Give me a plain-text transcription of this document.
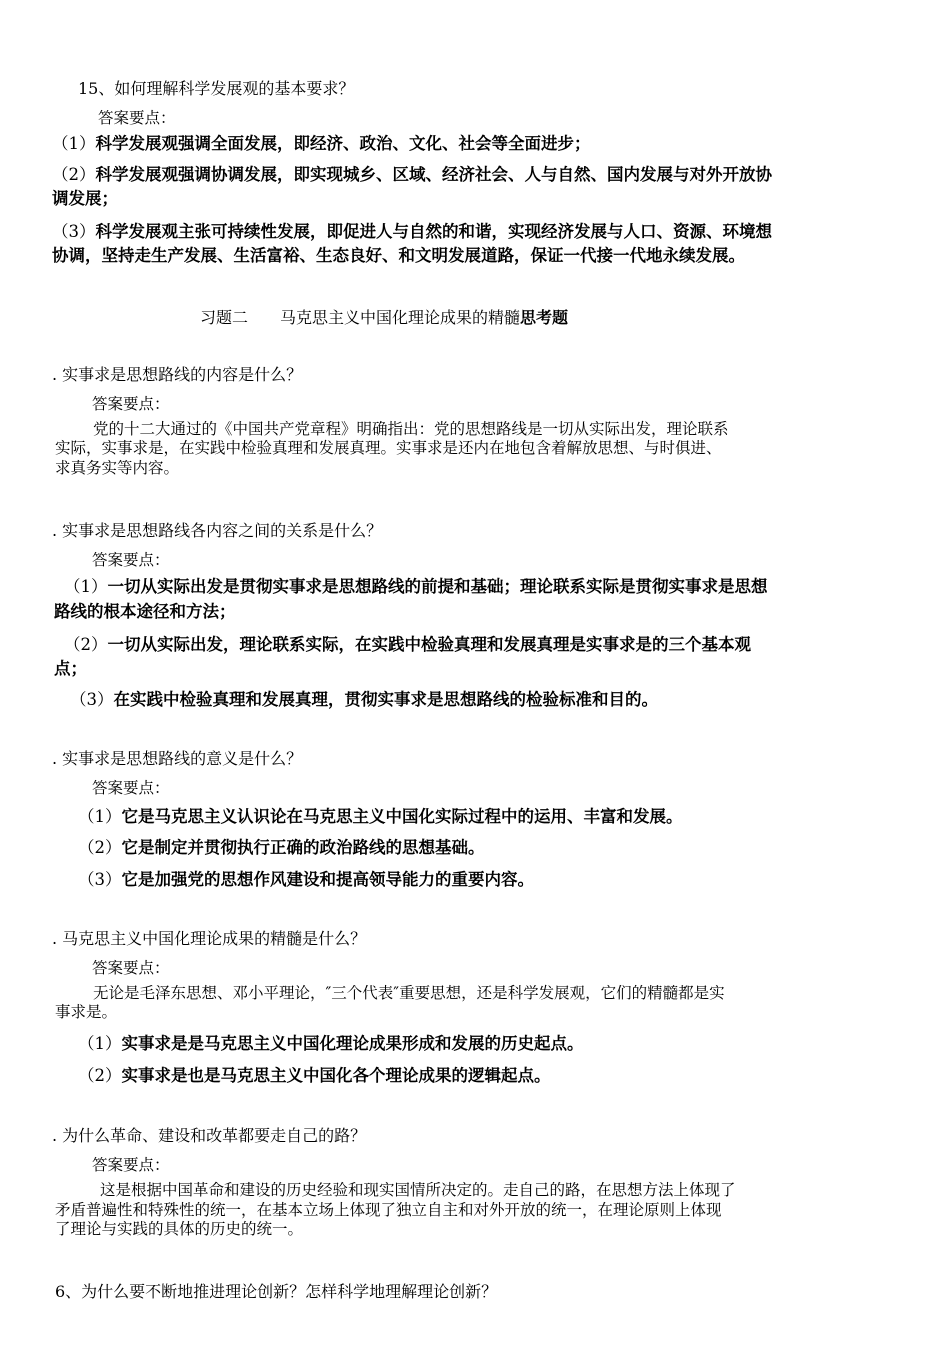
15、如何理解科学发展观的基本要求？
答案要点：
（1）科学发展观强调全面发展，即经济、政治、文化、社会等全面进步；
（2）科学发展观强调协调发展，即实现城乡、区域、经济社会、人与自然、国内发展与对外开放协
调发展；
（3）科学发展观主张可持续性发展，即促进人与自然的和谐，实现经济发展与人口、资源、环境想
协调，坚持走生产发展、生活富裕、生态良好、和文明发展道路，保证一代接一代地永续发展。
习题二 马克思主义中国化理论成果的精髓思考题
. 实事求是思想路线的内容是什么？
答案要点：
党的十二大通过的《中国共产党章程》明确指出：党的思想路线是一切从实际出发，理论联系
实际，实事求是，在实践中检验真理和发展真理。实事求是还内在地包含着解放思想、与时俱进、
求真务实等内容。
. 实事求是思想路线各内容之间的关系是什么？
答案要点：
（1）一切从实际出发是贯彻实事求是思想路线的前提和基础；理论联系实际是贯彻实事求是思想
路线的根本途径和方法；
（2）一切从实际出发，理论联系实际，在实践中检验真理和发展真理是实事求是的三个基本观
点；
（3）在实践中检验真理和发展真理，贯彻实事求是思想路线的检验标准和目的。
. 实事求是思想路线的意义是什么？
答案要点：
（1）它是马克思主义认识论在马克思主义中国化实际过程中的运用、丰富和发展。
（2）它是制定并贯彻执行正确的政治路线的思想基础。
（3）它是加强党的思想作风建设和提高领导能力的重要内容。
. 马克思主义中国化理论成果的精髓是什么？
答案要点：
无论是毛泽东思想、邓小平理论，″三个代表″重要思想，还是科学发展观，它们的精髓都是实
事求是。
（1）实事求是是马克思主义中国化理论成果形成和发展的历史起点。
（2）实事求是也是马克思主义中国化各个理论成果的逻辑起点。
. 为什么革命、建设和改革都要走自己的路？
答案要点：
这是根据中国革命和建设的历史经验和现实国情所决定的。走自己的路，在思想方法上体现了
矛盾普遍性和特殊性的统一，在基本立场上体现了独立自主和对外开放的统一，在理论原则上体现
了理论与实践的具体的历史的统一。
6、为什么要不断地推进理论创新？怎样科学地理解理论创新？
